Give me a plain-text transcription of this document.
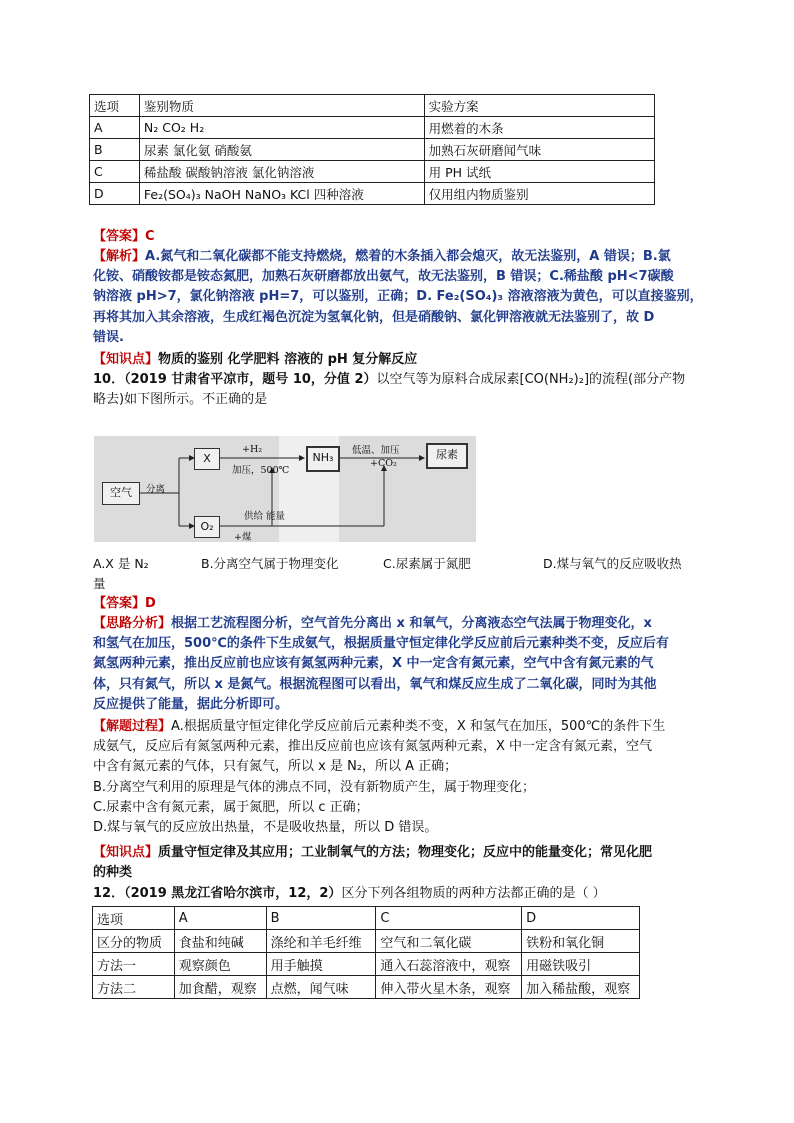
选项	鉴别物质	实验方案
A	N₂ CO₂ H₂	用燃着的木条
B	尿素 氯化氨 硝酸氨	加熟石灰研磨闻气味
C	稀盐酸 碳酸钠溶液 氯化钠溶液	用 PH 试纸
D	Fe₂(SO₄)₃ NaOH NaNO₃ KCl 四种溶液	仅用组内物质鉴别
【答案】C
【解析】A.氮气和二氧化碳都不能支持燃烧，燃着的木条插入都会熄灭，故无法鉴别，A 错误；B.氯
化铵、硝酸铵都是铵态氮肥，加熟石灰研磨都放出氨气，故无法鉴别，B 错误；C.稀盐酸 pH<7碳酸
钠溶液 pH>7，氯化钠溶液 pH=7，可以鉴别，正确；D. Fe₂(SO₄)₃ 溶液溶液为黄色，可以直接鉴别，
再将其加入其余溶液，生成红褐色沉淀为氢氧化钠，但是硝酸钠、氯化钾溶液就无法鉴别了，故 D
错误.
【知识点】物质的鉴别 化学肥料 溶液的 pH 复分解反应
10．（2019 甘肃省平凉市，题号 10，分值 2）以空气等为原料合成尿素[CO(NH₂)₂]的流程(部分产物
略去)如下图所示。不正确的是
空气	分离
X
+H₂
加压，500℃
NH₃
低温、加压
+CO₂
尿素
O₂
供给 能量
+煤
A.X 是 N₂	B.分离空气属于物理变化	C.尿素属于氮肥	D.煤与氧气的反应吸收热
量
【答案】D
【思路分析】根据工艺流程图分析，空气首先分离出 x 和氧气，分离液态空气法属于物理变化，x
和氢气在加压，500℃的条件下生成氨气，根据质量守恒定律化学反应前后元素种类不变，反应后有
氮氢两种元素，推出反应前也应该有氮氢两种元素，X 中一定含有氮元素，空气中含有氮元素的气
体，只有氮气，所以 x 是氮气。根据流程图可以看出，氧气和煤反应生成了二氧化碳，同时为其他
反应提供了能量，据此分析即可。
【解题过程】A.根据质量守恒定律化学反应前后元素种类不变，X 和氢气在加压，500℃的条件下生
成氨气，反应后有氮氢两种元素，推出反应前也应该有氮氢两种元素，X 中一定含有氮元素，空气
中含有氮元素的气体，只有氮气，所以 x 是 N₂，所以 A 正确；
B.分离空气利用的原理是气体的沸点不同，没有新物质产生，属于物理变化；
C.尿素中含有氮元素，属于氮肥，所以 c 正确；
D.煤与氧气的反应放出热量，不是吸收热量，所以 D 错误。
【知识点】质量守恒定律及其应用；工业制氧气的方法；物理变化；反应中的能量变化；常见化肥
的种类
12．（2019 黑龙江省哈尔滨市，12，2）区分下列各组物质的两种方法都正确的是（ ）
选项	A	B	C	D
区分的物质	食盐和纯碱	涤纶和羊毛纤维	空气和二氧化碳	铁粉和氧化铜
方法一	观察颜色	用手触摸	通入石蕊溶液中，观察	用磁铁吸引
方法二	加食醋，观察	点燃，闻气味	伸入带火星木条，观察	加入稀盐酸，观察
